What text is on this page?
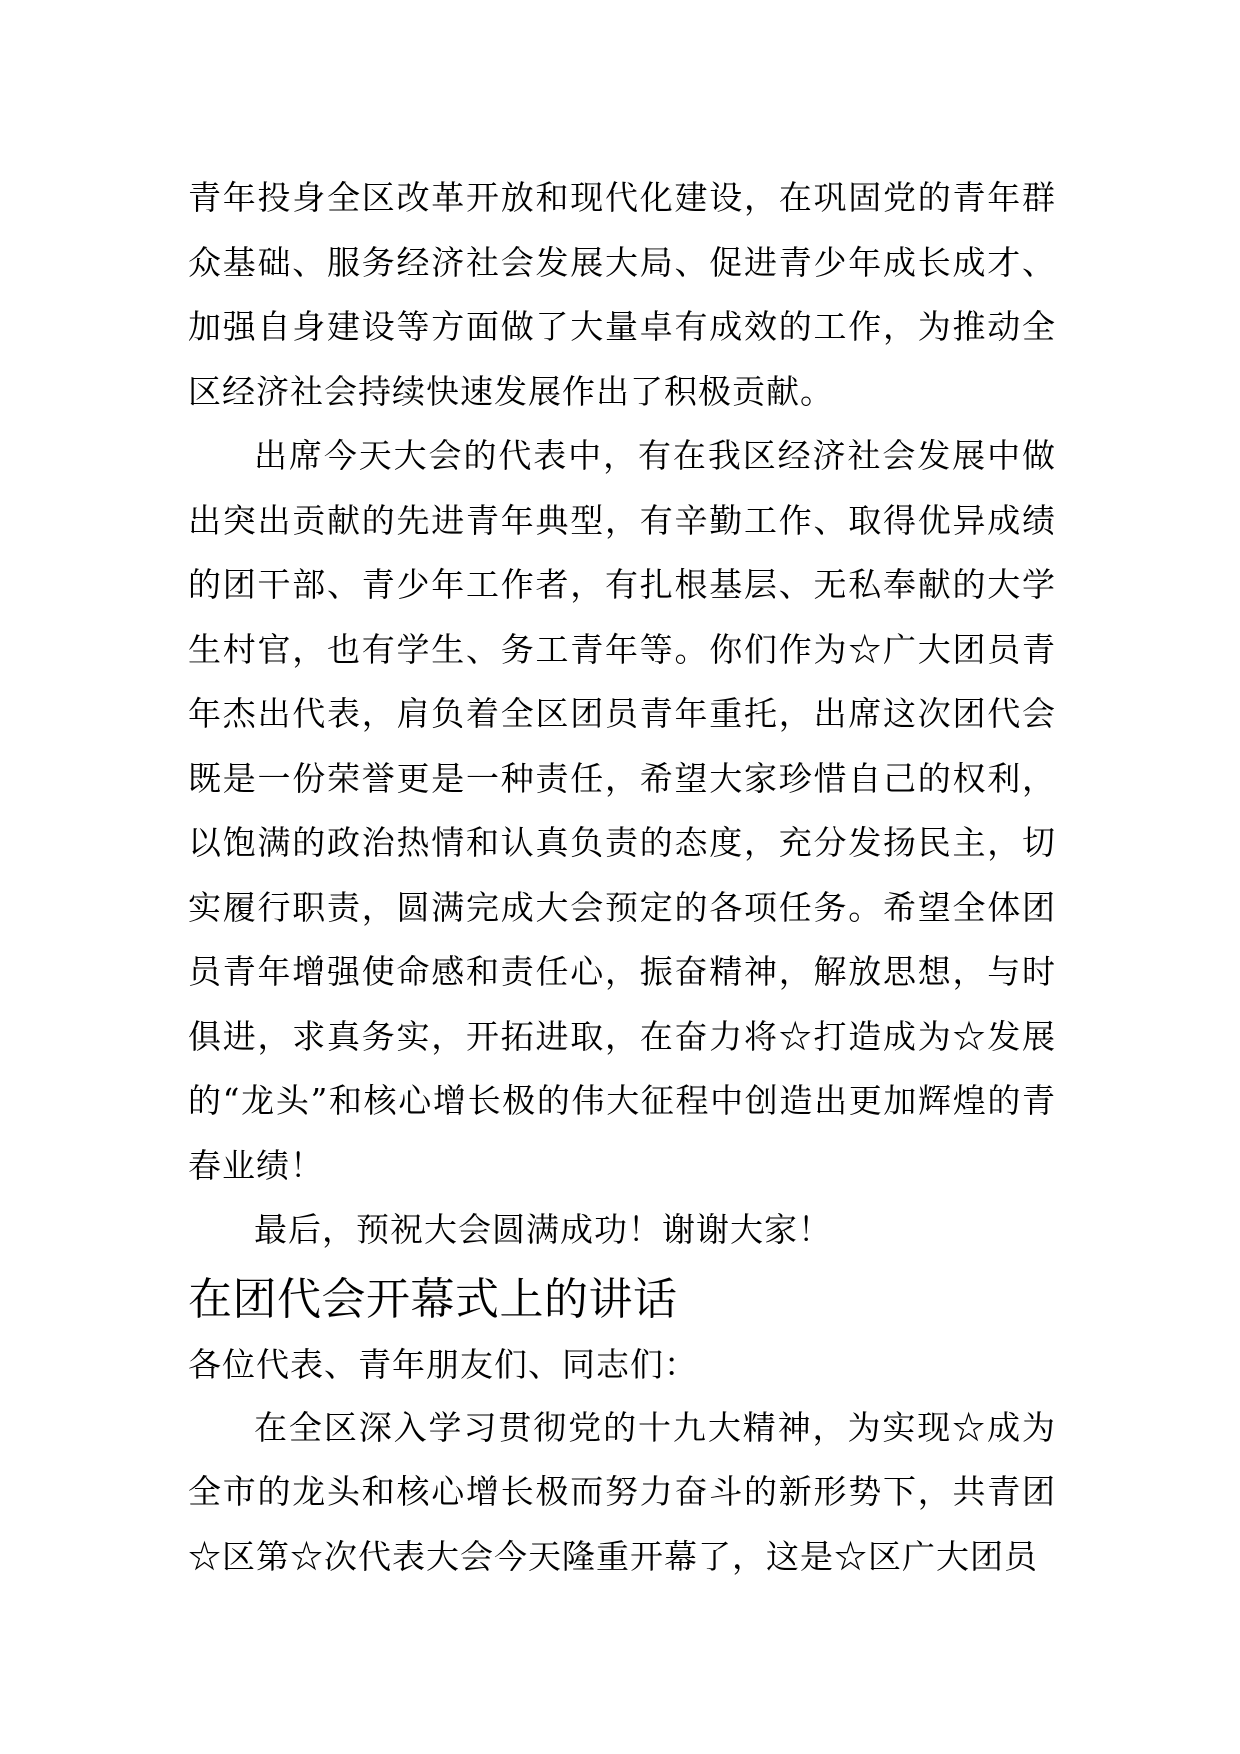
青年投身全区改革开放和现代化建设，在巩固党的青年群众基础、服务经济社会发展大局、促进青少年成长成才、加强自身建设等方面做了大量卓有成效的工作，为推动全区经济社会持续快速发展作出了积极贡献。

出席今天大会的代表中，有在我区经济社会发展中做出突出贡献的先进青年典型，有辛勤工作、取得优异成绩的团干部、青少年工作者，有扎根基层、无私奉献的大学生村官，也有学生、务工青年等。你们作为☆广大团员青年杰出代表，肩负着全区团员青年重托，出席这次团代会既是一份荣誉更是一种责任，希望大家珍惜自己的权利，以饱满的政治热情和认真负责的态度，充分发扬民主，切实履行职责，圆满完成大会预定的各项任务。希望全体团员青年增强使命感和责任心，振奋精神，解放思想，与时俱进，求真务实，开拓进取，在奋力将☆打造成为☆发展的“龙头”和核心增长极的伟大征程中创造出更加辉煌的青春业绩！

最后，预祝大会圆满成功！谢谢大家！

在团代会开幕式上的讲话

各位代表、青年朋友们、同志们：

在全区深入学习贯彻党的十九大精神，为实现☆成为全市的龙头和核心增长极而努力奋斗的新形势下，共青团☆区第☆次代表大会今天隆重开幕了，这是☆区广大团员
